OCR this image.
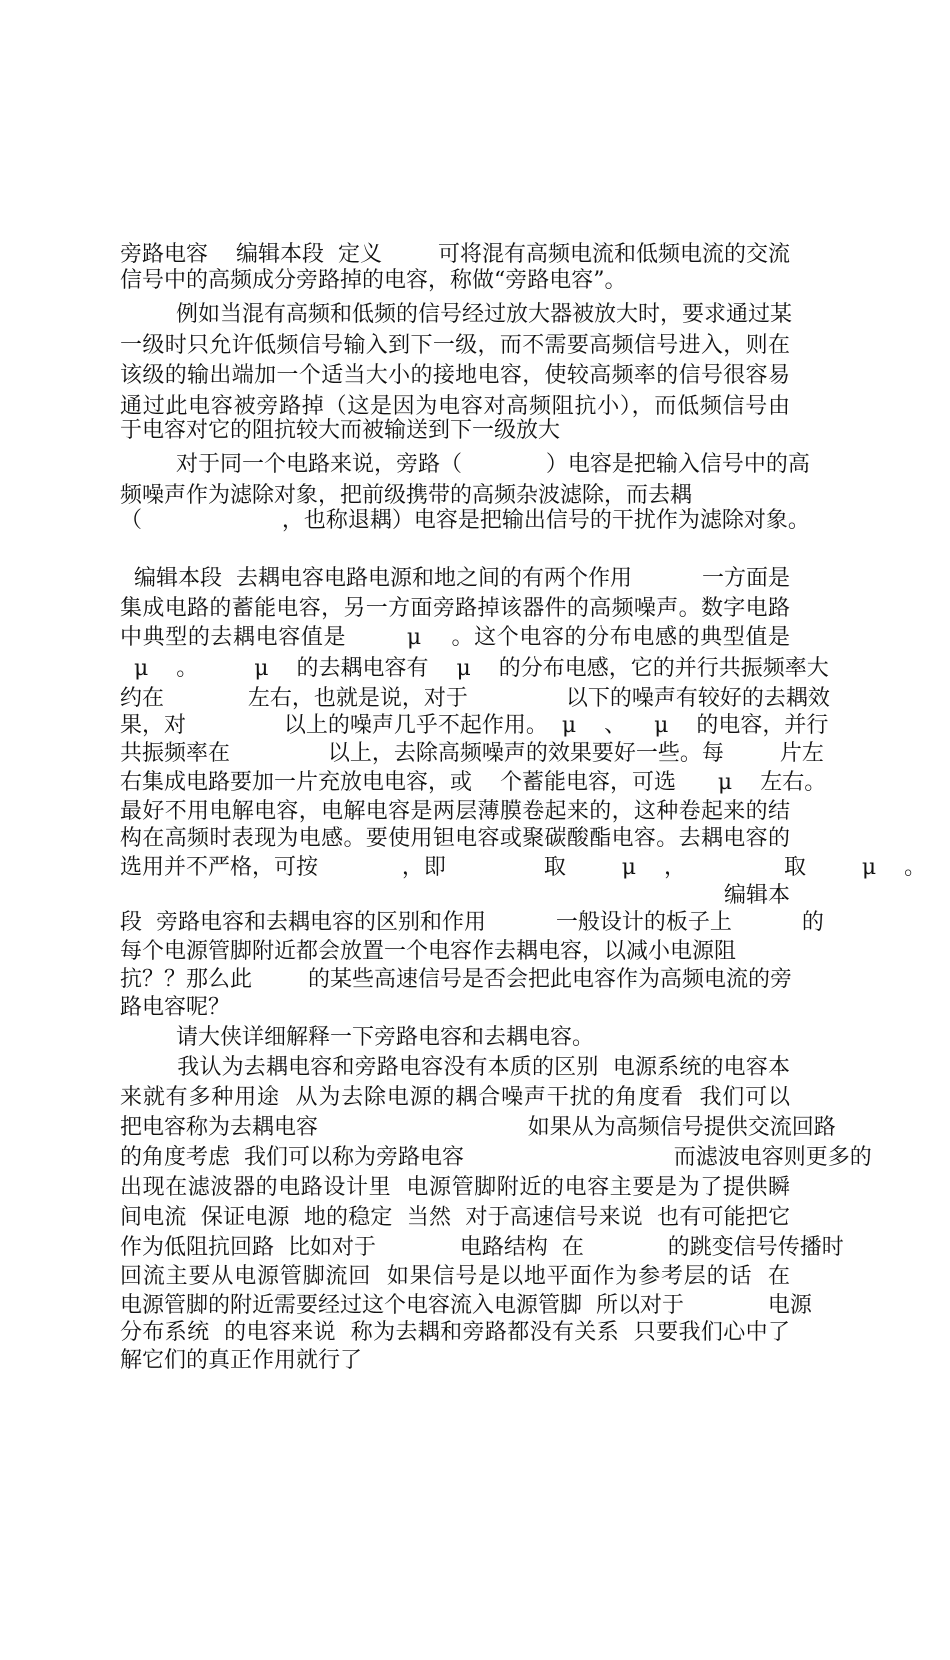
旁路电容    编辑本段  定义        可将混有高频电流和低频电流的交流

信号中的高频成分旁路掉的电容，称做“旁路电容”。

例如当混有高频和低频的信号经过放大器被放大时，要求通过某

一级时只允许低频信号输入到下一级，而不需要高频信号进入，则在

该级的输出端加一个适当大小的接地电容，使较高频率的信号很容易

通过此电容被旁路掉（这是因为电容对高频阻抗小），而低频信号由

于电容对它的阻抗较大而被输送到下一级放大

对于同一个电路来说，旁路（            ）电容是把输入信号中的高

频噪声作为滤除对象，把前级携带的高频杂波滤除，而去耦

（                    ，也称退耦）电容是把输出信号的干扰作为滤除对象。

编辑本段  去耦电容电路电源和地之间的有两个作用          一方面是

集成电路的蓄能电容，另一方面旁路掉该器件的高频噪声。数字电路

中典型的去耦电容值是        μ    。这个电容的分布电感的典型值是

μ    。        μ    的去耦电容有    μ    的分布电感，它的并行共振频率大

约在            左右，也就是说，对于              以下的噪声有较好的去耦效

果，对              以上的噪声几乎不起作用。  μ    、    μ    的电容，并行

共振频率在              以上，去除高频噪声的效果要好一些。每        片左

右集成电路要加一片充放电电容，或    个蓄能电容，可选      μ    左右。

最好不用电解电容，电解电容是两层薄膜卷起来的，这种卷起来的结

构在高频时表现为电感。要使用钽电容或聚碳酸酯电容。去耦电容的

选用并不严格，可按            ，即              取        μ    ，              取        μ    。

编辑本

段  旁路电容和去耦电容的区别和作用          一般设计的板子上          的

每个电源管脚附近都会放置一个电容作去耦电容，以减小电源阻

抗？？那么此        的某些高速信号是否会把此电容作为高频电流的旁

路电容呢？

请大侠详细解释一下旁路电容和去耦电容。

我认为去耦电容和旁路电容没有本质的区别  电源系统的电容本

来就有多种用途  从为去除电源的耦合噪声干扰的角度看  我们可以

把电容称为去耦电容                              如果从为高频信号提供交流回路

的角度考虑  我们可以称为旁路电容                              而滤波电容则更多的

出现在滤波器的电路设计里  电源管脚附近的电容主要是为了提供瞬

间电流  保证电源  地的稳定  当然  对于高速信号来说  也有可能把它

作为低阻抗回路  比如对于            电路结构  在            的跳变信号传播时

回流主要从电源管脚流回  如果信号是以地平面作为参考层的话  在

电源管脚的附近需要经过这个电容流入电源管脚  所以对于            电源

分布系统  的电容来说  称为去耦和旁路都没有关系  只要我们心中了

解它们的真正作用就行了
